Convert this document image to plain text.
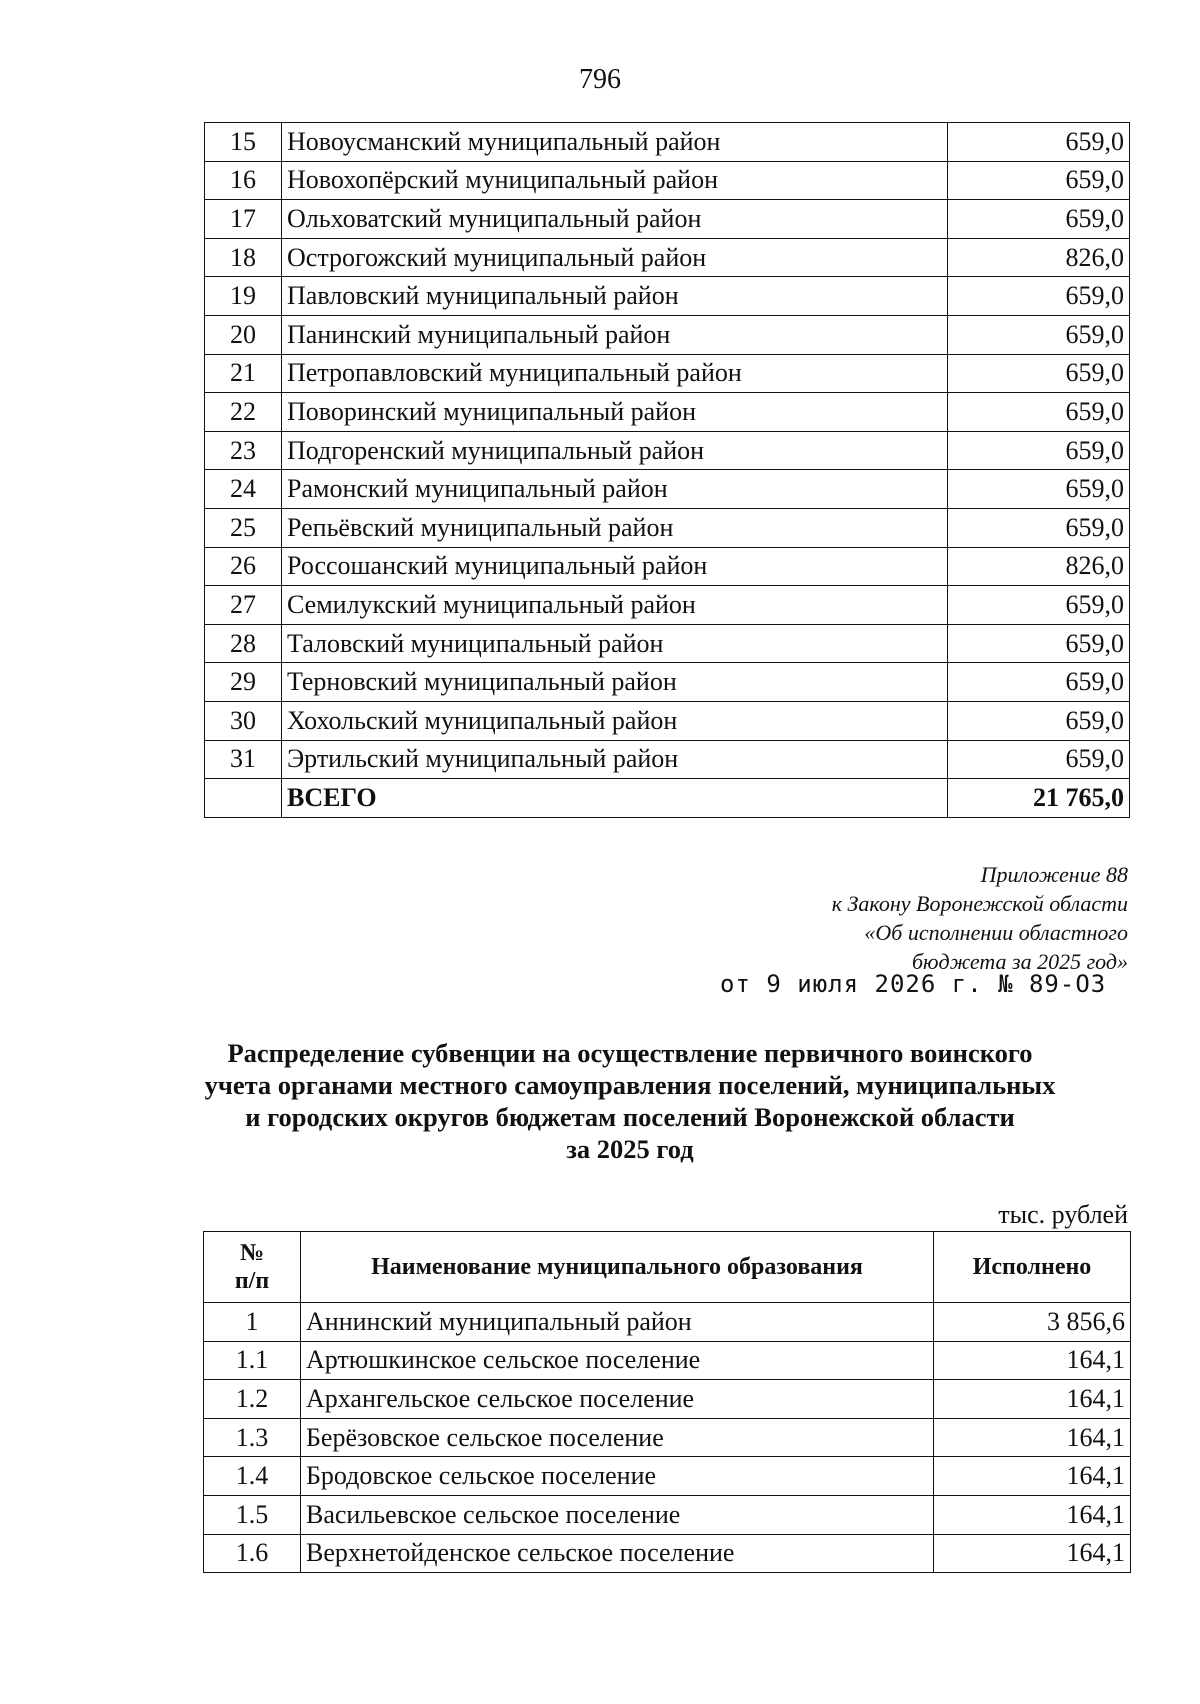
796
15	Новоусманский муниципальный район	659,0
16	Новохопёрский муниципальный район	659,0
17	Ольховатский муниципальный район	659,0
18	Острогожский муниципальный район	826,0
19	Павловский муниципальный район	659,0
20	Панинский муниципальный район	659,0
21	Петропавловский муниципальный район	659,0
22	Поворинский муниципальный район	659,0
23	Подгоренский муниципальный район	659,0
24	Рамонский муниципальный район	659,0
25	Репьёвский муниципальный район	659,0
26	Россошанский муниципальный район	826,0
27	Семилукский муниципальный район	659,0
28	Таловский муниципальный район	659,0
29	Терновский муниципальный район	659,0
30	Хохольский муниципальный район	659,0
31	Эртильский муниципальный район	659,0
	ВСЕГО	21 765,0
Приложение 88
к Закону Воронежской области
«Об исполнении областного
бюджета за 2025 год»
от 9 июля 2026 г. № 89-ОЗ
Распределение субвенции на осуществление первичного воинского
учета органами местного самоуправления поселений, муниципальных
и городских округов бюджетам поселений Воронежской области
за 2025 год
тыс. рублей
№
п/п	Наименование муниципального образования	Исполнено
1	Аннинский муниципальный район	3 856,6
1.1	Артюшкинское сельское поселение	164,1
1.2	Архангельское сельское поселение	164,1
1.3	Берёзовское сельское поселение	164,1
1.4	Бродовское сельское поселение	164,1
1.5	Васильевское сельское поселение	164,1
1.6	Верхнетойденское сельское поселение	164,1
